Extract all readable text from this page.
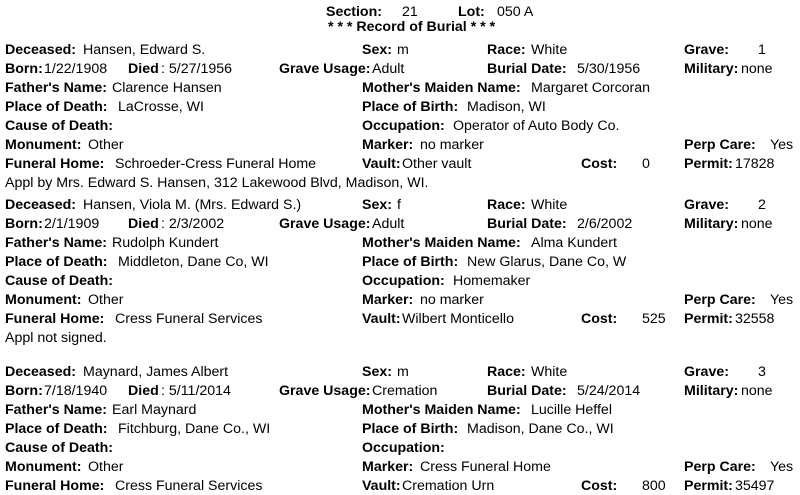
Section: 21	Lot: 050 A
* * * Record of Burial * * *
Deceased: Hansen, Edward S.	Sex: m	Race: White	Grave: 1
Born: 1/22/1908 Died : 5/27/1956	Grave Usage: Adult	Burial Date: 5/30/1956	Military: none
Father's Name: Clarence Hansen	Mother's Maiden Name: Margaret Corcoran
Place of Death: LaCrosse, WI	Place of Birth: Madison, WI
Cause of Death:	Occupation: Operator of Auto Body Co.
Monument: Other	Marker: no marker	Perp Care: Yes
Funeral Home: Schroeder-Cress Funeral Home	Vault: Other vault	Cost: 0 Permit: 17828
Appl by Mrs. Edward S. Hansen, 312 Lakewood Blvd, Madison, WI.
Deceased: Hansen, Viola M. (Mrs. Edward S.)	Sex: f	Race: White	Grave: 2
Born: 2/1/1909 Died : 2/3/2002	Grave Usage: Adult	Burial Date: 2/6/2002	Military: none
Father's Name: Rudolph Kundert	Mother's Maiden Name: Alma Kundert
Place of Death: Middleton, Dane Co, WI	Place of Birth: New Glarus, Dane Co, W
Cause of Death:	Occupation: Homemaker
Monument: Other	Marker: no marker	Perp Care: Yes
Funeral Home: Cress Funeral Services	Vault: Wilbert Monticello	Cost: 525 Permit: 32558
Appl not signed.
Deceased: Maynard, James Albert	Sex: m	Race: White	Grave: 3
Born: 7/18/1940 Died : 5/11/2014	Grave Usage: Cremation	Burial Date: 5/24/2014	Military: none
Father's Name: Earl Maynard	Mother's Maiden Name: Lucille Heffel
Place of Death: Fitchburg, Dane Co., WI	Place of Birth: Madison, Dane Co., WI
Cause of Death:	Occupation:
Monument: Other	Marker: Cress Funeral Home	Perp Care: Yes
Funeral Home: Cress Funeral Services	Vault: Cremation Urn	Cost: 800 Permit: 35497
